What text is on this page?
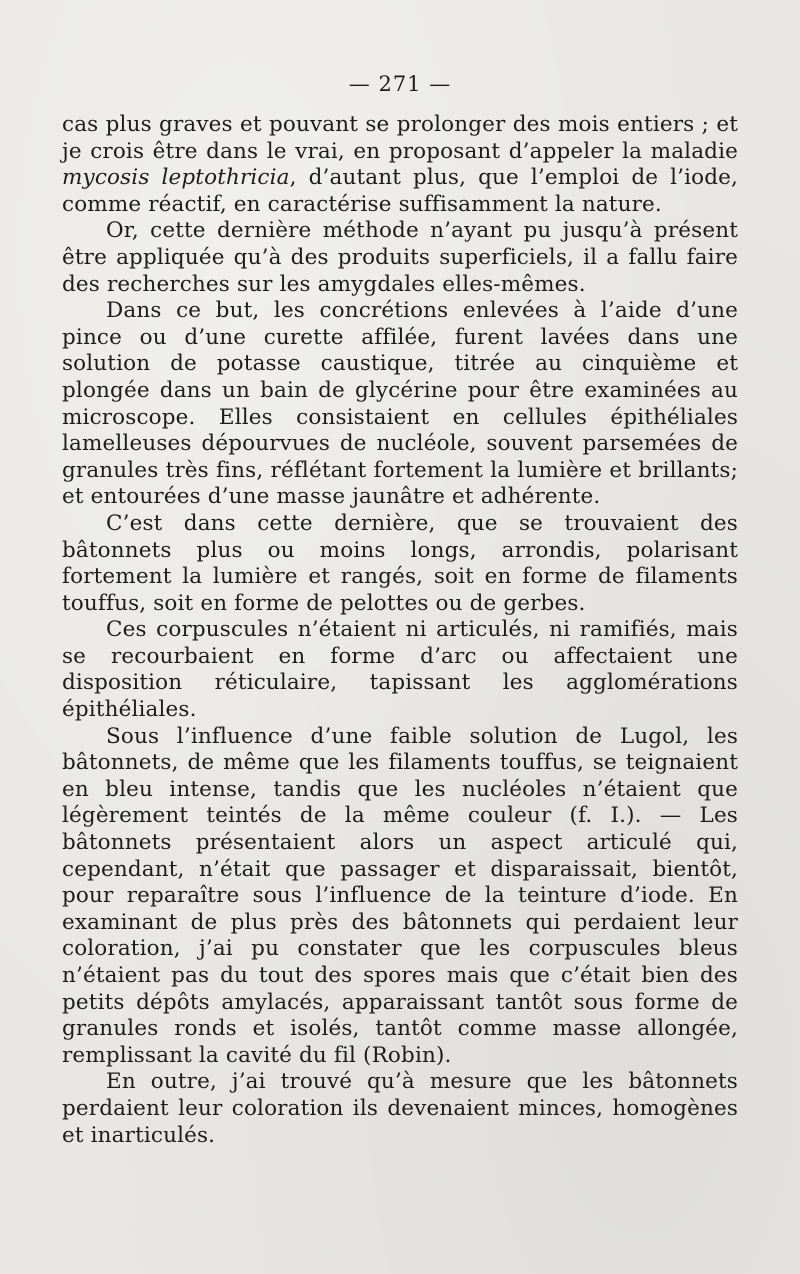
— 271 —

cas plus graves et pouvant se prolonger des mois entiers ; et je crois être dans le vrai, en proposant d’appeler la maladie mycosis leptothricia, d’autant plus, que l’emploi de l’iode, comme réactif, en caractérise suffisamment la nature.

Or, cette dernière méthode n’ayant pu jusqu’à présent être appliquée qu’à des produits superficiels, il a fallu faire des recherches sur les amygdales elles-mêmes.

Dans ce but, les concrétions enlevées à l’aide d’une pince ou d’une curette affilée, furent lavées dans une solution de potasse caustique, titrée au cinquième et plongée dans un bain de glycérine pour être examinées au microscope. Elles consistaient en cellules épithéliales lamelleuses dépourvues de nucléole, souvent parsemées de granules très fins, réflétant fortement la lumière et brillants; et entourées d’une masse jaunâtre et adhérente.

C’est dans cette dernière, que se trouvaient des bâtonnets plus ou moins longs, arrondis, polarisant fortement la lumière et rangés, soit en forme de filaments touffus, soit en forme de pelottes ou de gerbes.

Ces corpuscules n’étaient ni articulés, ni ramifiés, mais se recourbaient en forme d’arc ou affectaient une disposition réticulaire, tapissant les agglomérations épithéliales.

Sous l’influence d’une faible solution de Lugol, les bâtonnets, de même que les filaments touffus, se teignaient en bleu intense, tandis que les nucléoles n’étaient que légèrement teintés de la même couleur (f. I.). — Les bâtonnets présentaient alors un aspect articulé qui, cependant, n’était que passager et disparaissait, bientôt, pour reparaître sous l’influence de la teinture d’iode. En examinant de plus près des bâtonnets qui perdaient leur coloration, j’ai pu constater que les corpuscules bleus n’étaient pas du tout des spores mais que c’était bien des petits dépôts amylacés, apparaissant tantôt sous forme de granules ronds et isolés, tantôt comme masse allongée, remplissant la cavité du fil (Robin).

En outre, j’ai trouvé qu’à mesure que les bâtonnets perdaient leur coloration ils devenaient minces, homogènes et inarticulés.
